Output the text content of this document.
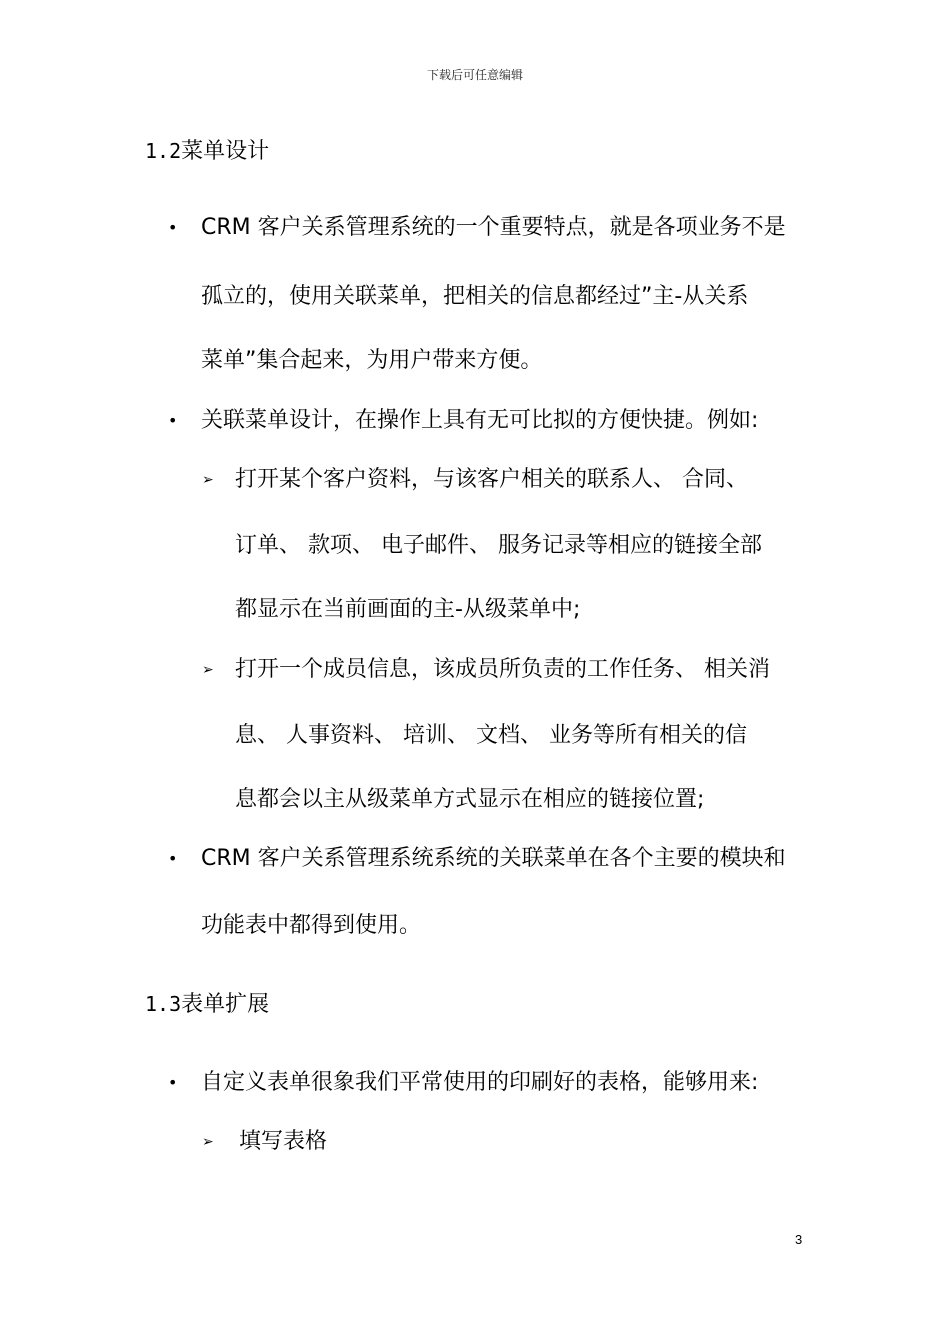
下载后可任意编辑
1.2菜单设计
• CRM 客户关系管理系统的一个重要特点，就是各项业务不是
孤立的，使用关联菜单，把相关的信息都经过”主-从关系
菜单”集合起来，为用户带来方便。
• 关联菜单设计，在操作上具有无可比拟的方便快捷。例如:
➢ 打开某个客户资料，与该客户相关的联系人、 合同、
订单、 款项、 电子邮件、 服务记录等相应的链接全部
都显示在当前画面的主-从级菜单中;
➢ 打开一个成员信息，该成员所负责的工作任务、 相关消
息、 人事资料、 培训、 文档、 业务等所有相关的信
息都会以主从级菜单方式显示在相应的链接位置;
• CRM 客户关系管理系统系统的关联菜单在各个主要的模块和
功能表中都得到使用。
1.3表单扩展
• 自定义表单很象我们平常使用的印刷好的表格，能够用来:
➢ 填写表格
3
